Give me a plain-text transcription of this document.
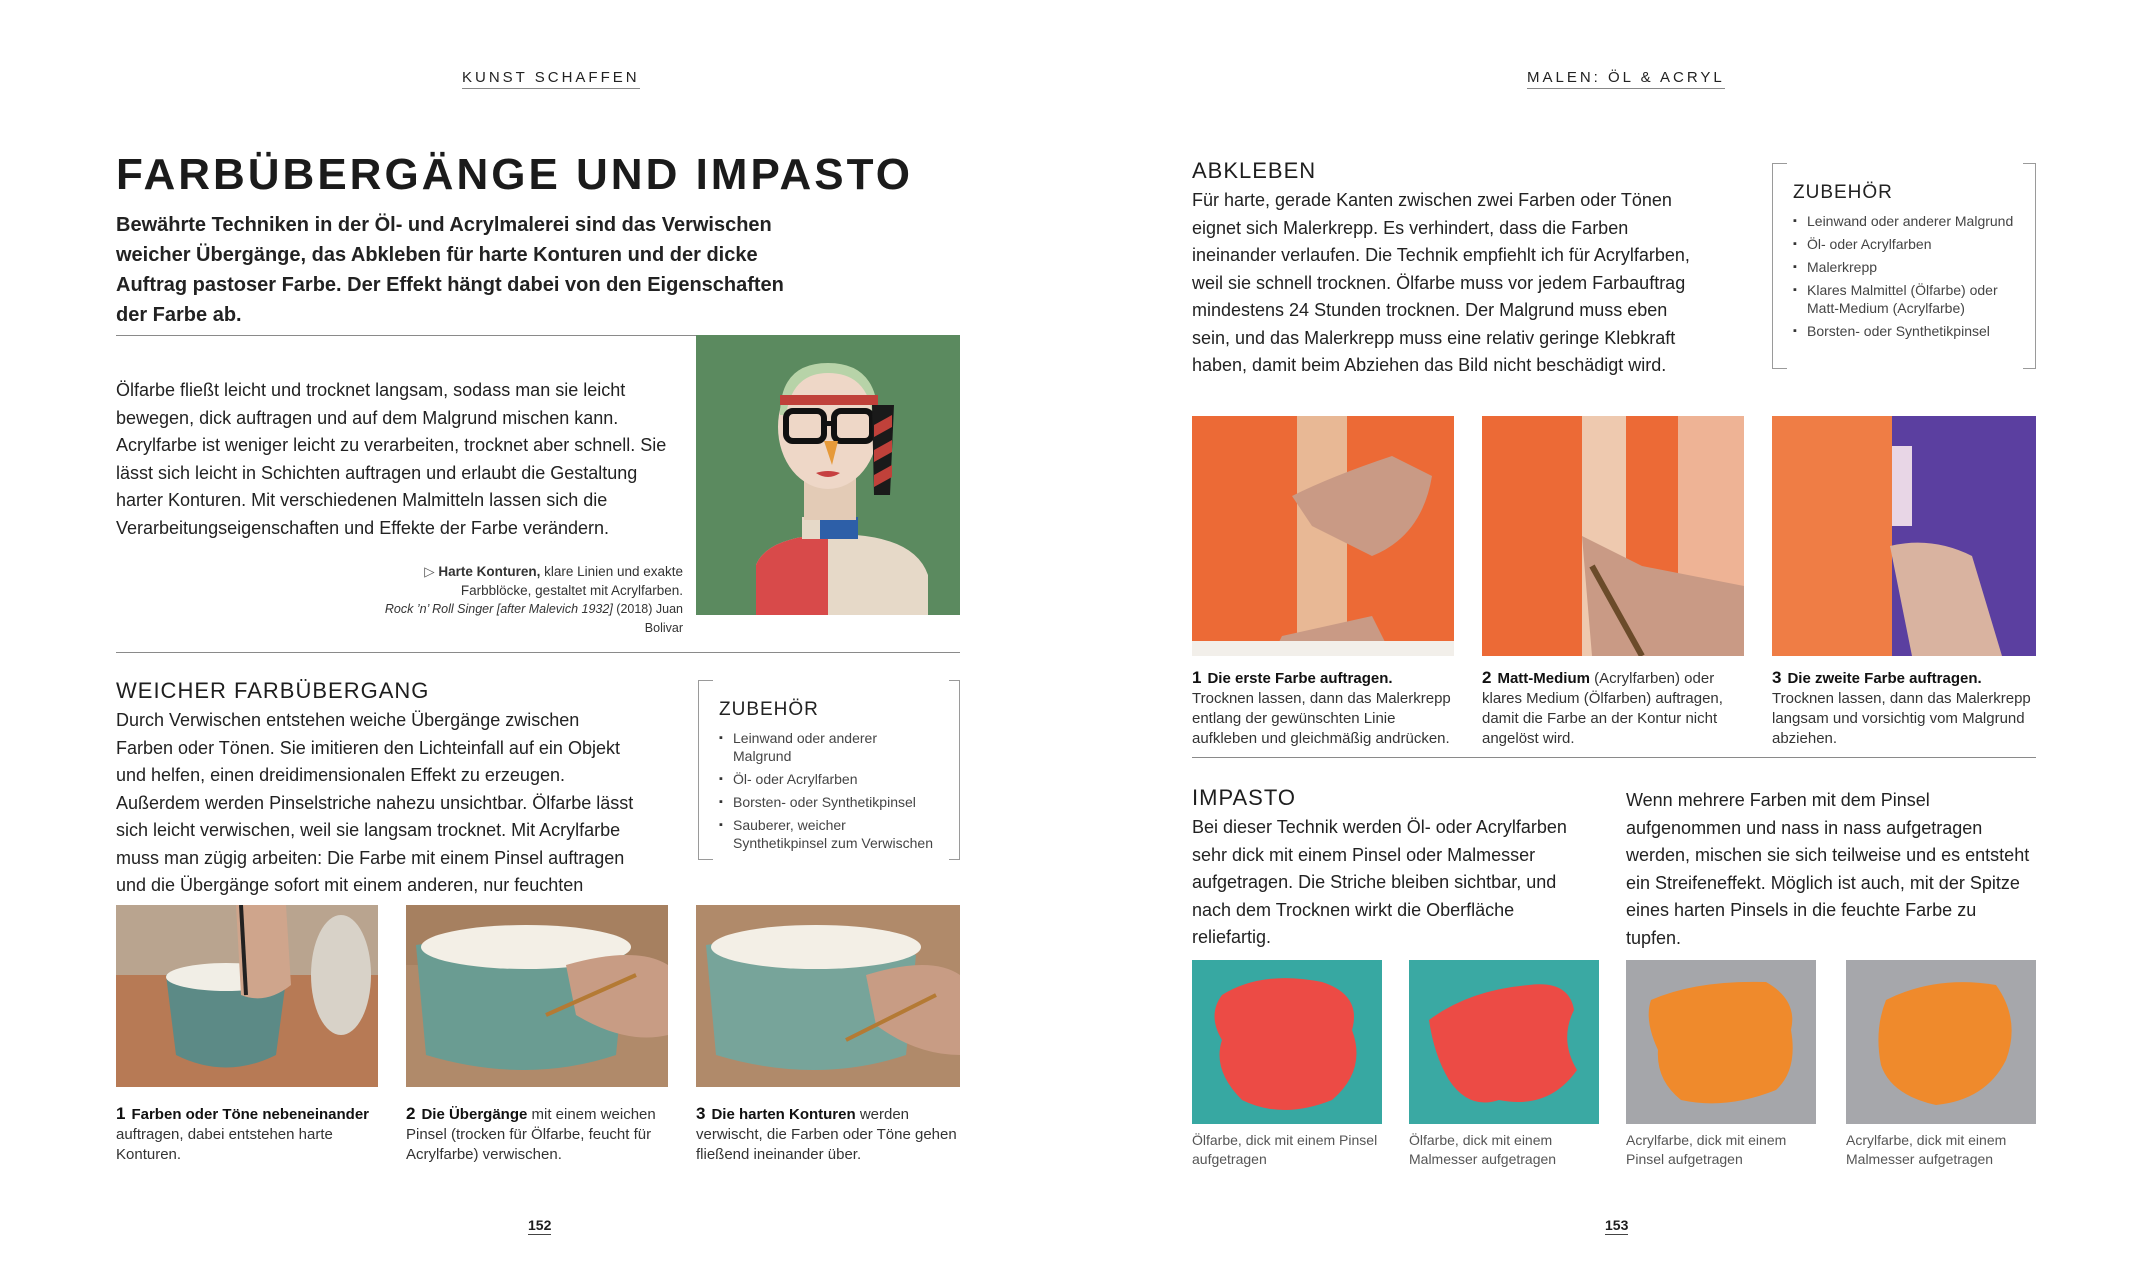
KUNST SCHAFFEN
FARBÜBERGÄNGE UND IMPASTO

Bewährte Techniken in der Öl- und Acrylmalerei sind das Verwischen weicher Übergänge, das Abkleben für harte Konturen und der dicke Auftrag pastoser Farbe. Der Effekt hängt dabei von den Eigenschaften der Farbe ab.

Ölfarbe fließt leicht und trocknet langsam, sodass man sie leicht bewegen, dick auftragen und auf dem Malgrund mischen kann. Acrylfarbe ist weniger leicht zu verarbeiten, trocknet aber schnell. Sie lässt sich leicht in Schichten auftragen und erlaubt die Gestaltung harter Konturen. Mit verschiedenen Malmitteln lassen sich die Verarbeitungseigenschaften und Effekte der Farbe verändern.

▷ Harte Konturen, klare Linien und exakte Farbblöcke, gestaltet mit Acrylfarben.
Rock ’n’ Roll Singer [after Malevich 1932] (2018) Juan Bolivar
WEICHER FARBÜBERGANG

Durch Verwischen entstehen weiche Übergänge zwischen Farben oder Tönen. Sie imitieren den Lichteinfall auf ein Objekt und helfen, einen dreidimensionalen Effekt zu erzeugen. Außerdem werden Pinselstriche nahezu unsichtbar. Ölfarbe lässt sich leicht verwischen, weil sie langsam trocknet. Mit Acrylfarbe muss man zügig arbeiten: Die Farbe mit einem Pinsel auftragen und die Übergänge sofort mit einem anderen, nur feuchten

ZUBEHÖR
▪ Leinwand oder anderer Malgrund
▪ Öl- oder Acrylfarben
▪ Borsten- oder Synthetikpinsel
▪ Sauberer, weicher Synthetikpinsel zum Verwischen
1 Farben oder Töne nebeneinander auftragen, dabei entstehen harte Konturen.
2 Die Übergänge mit einem weichen Pinsel (trocken für Ölfarbe, feucht für Acrylfarbe) verwischen.
3 Die harten Konturen werden verwischt, die Farben oder Töne gehen fließend ineinander über.
152
MALEN: ÖL & ACRYL
ABKLEBEN

Für harte, gerade Kanten zwischen zwei Farben oder Tönen eignet sich Malerkrepp. Es verhindert, dass die Farben ineinander verlaufen. Die Technik empfiehlt ich für Acrylfarben, weil sie schnell trocknen. Ölfarbe muss vor jedem Farbauftrag mindestens 24 Stunden trocknen. Der Malgrund muss eben sein, und das Malerkrepp muss eine relativ geringe Klebkraft haben, damit beim Abziehen das Bild nicht beschädigt wird.

ZUBEHÖR
▪ Leinwand oder anderer Malgrund
▪ Öl- oder Acrylfarben
▪ Malerkrepp
▪ Klares Malmittel (Ölfarbe) oder Matt-Medium (Acrylfarbe)
▪ Borsten- oder Synthetikpinsel
1 Die erste Farbe auftragen. Trocknen lassen, dann das Malerkrepp entlang der gewünschten Linie aufkleben und gleichmäßig andrücken.
2 Matt-Medium (Acrylfarben) oder klares Medium (Ölfarben) auftragen, damit die Farbe an der Kontur nicht angelöst wird.
3 Die zweite Farbe auftragen. Trocknen lassen, dann das Malerkrepp langsam und vorsichtig vom Malgrund abziehen.
IMPASTO

Bei dieser Technik werden Öl- oder Acrylfarben sehr dick mit einem Pinsel oder Malmesser aufgetragen. Die Striche bleiben sichtbar, und nach dem Trocknen wirkt die Oberfläche reliefartig.

Wenn mehrere Farben mit dem Pinsel aufgenommen und nass in nass aufgetragen werden, mischen sie sich teilweise und es entsteht ein Streifeneffekt. Möglich ist auch, mit der Spitze eines harten Pinsels in die feuchte Farbe zu tupfen.

Ölfarbe, dick mit einem Pinsel aufgetragen
Ölfarbe, dick mit einem Malmesser aufgetragen
Acrylfarbe, dick mit einem Pinsel aufgetragen
Acrylfarbe, dick mit einem Malmesser aufgetragen
153
